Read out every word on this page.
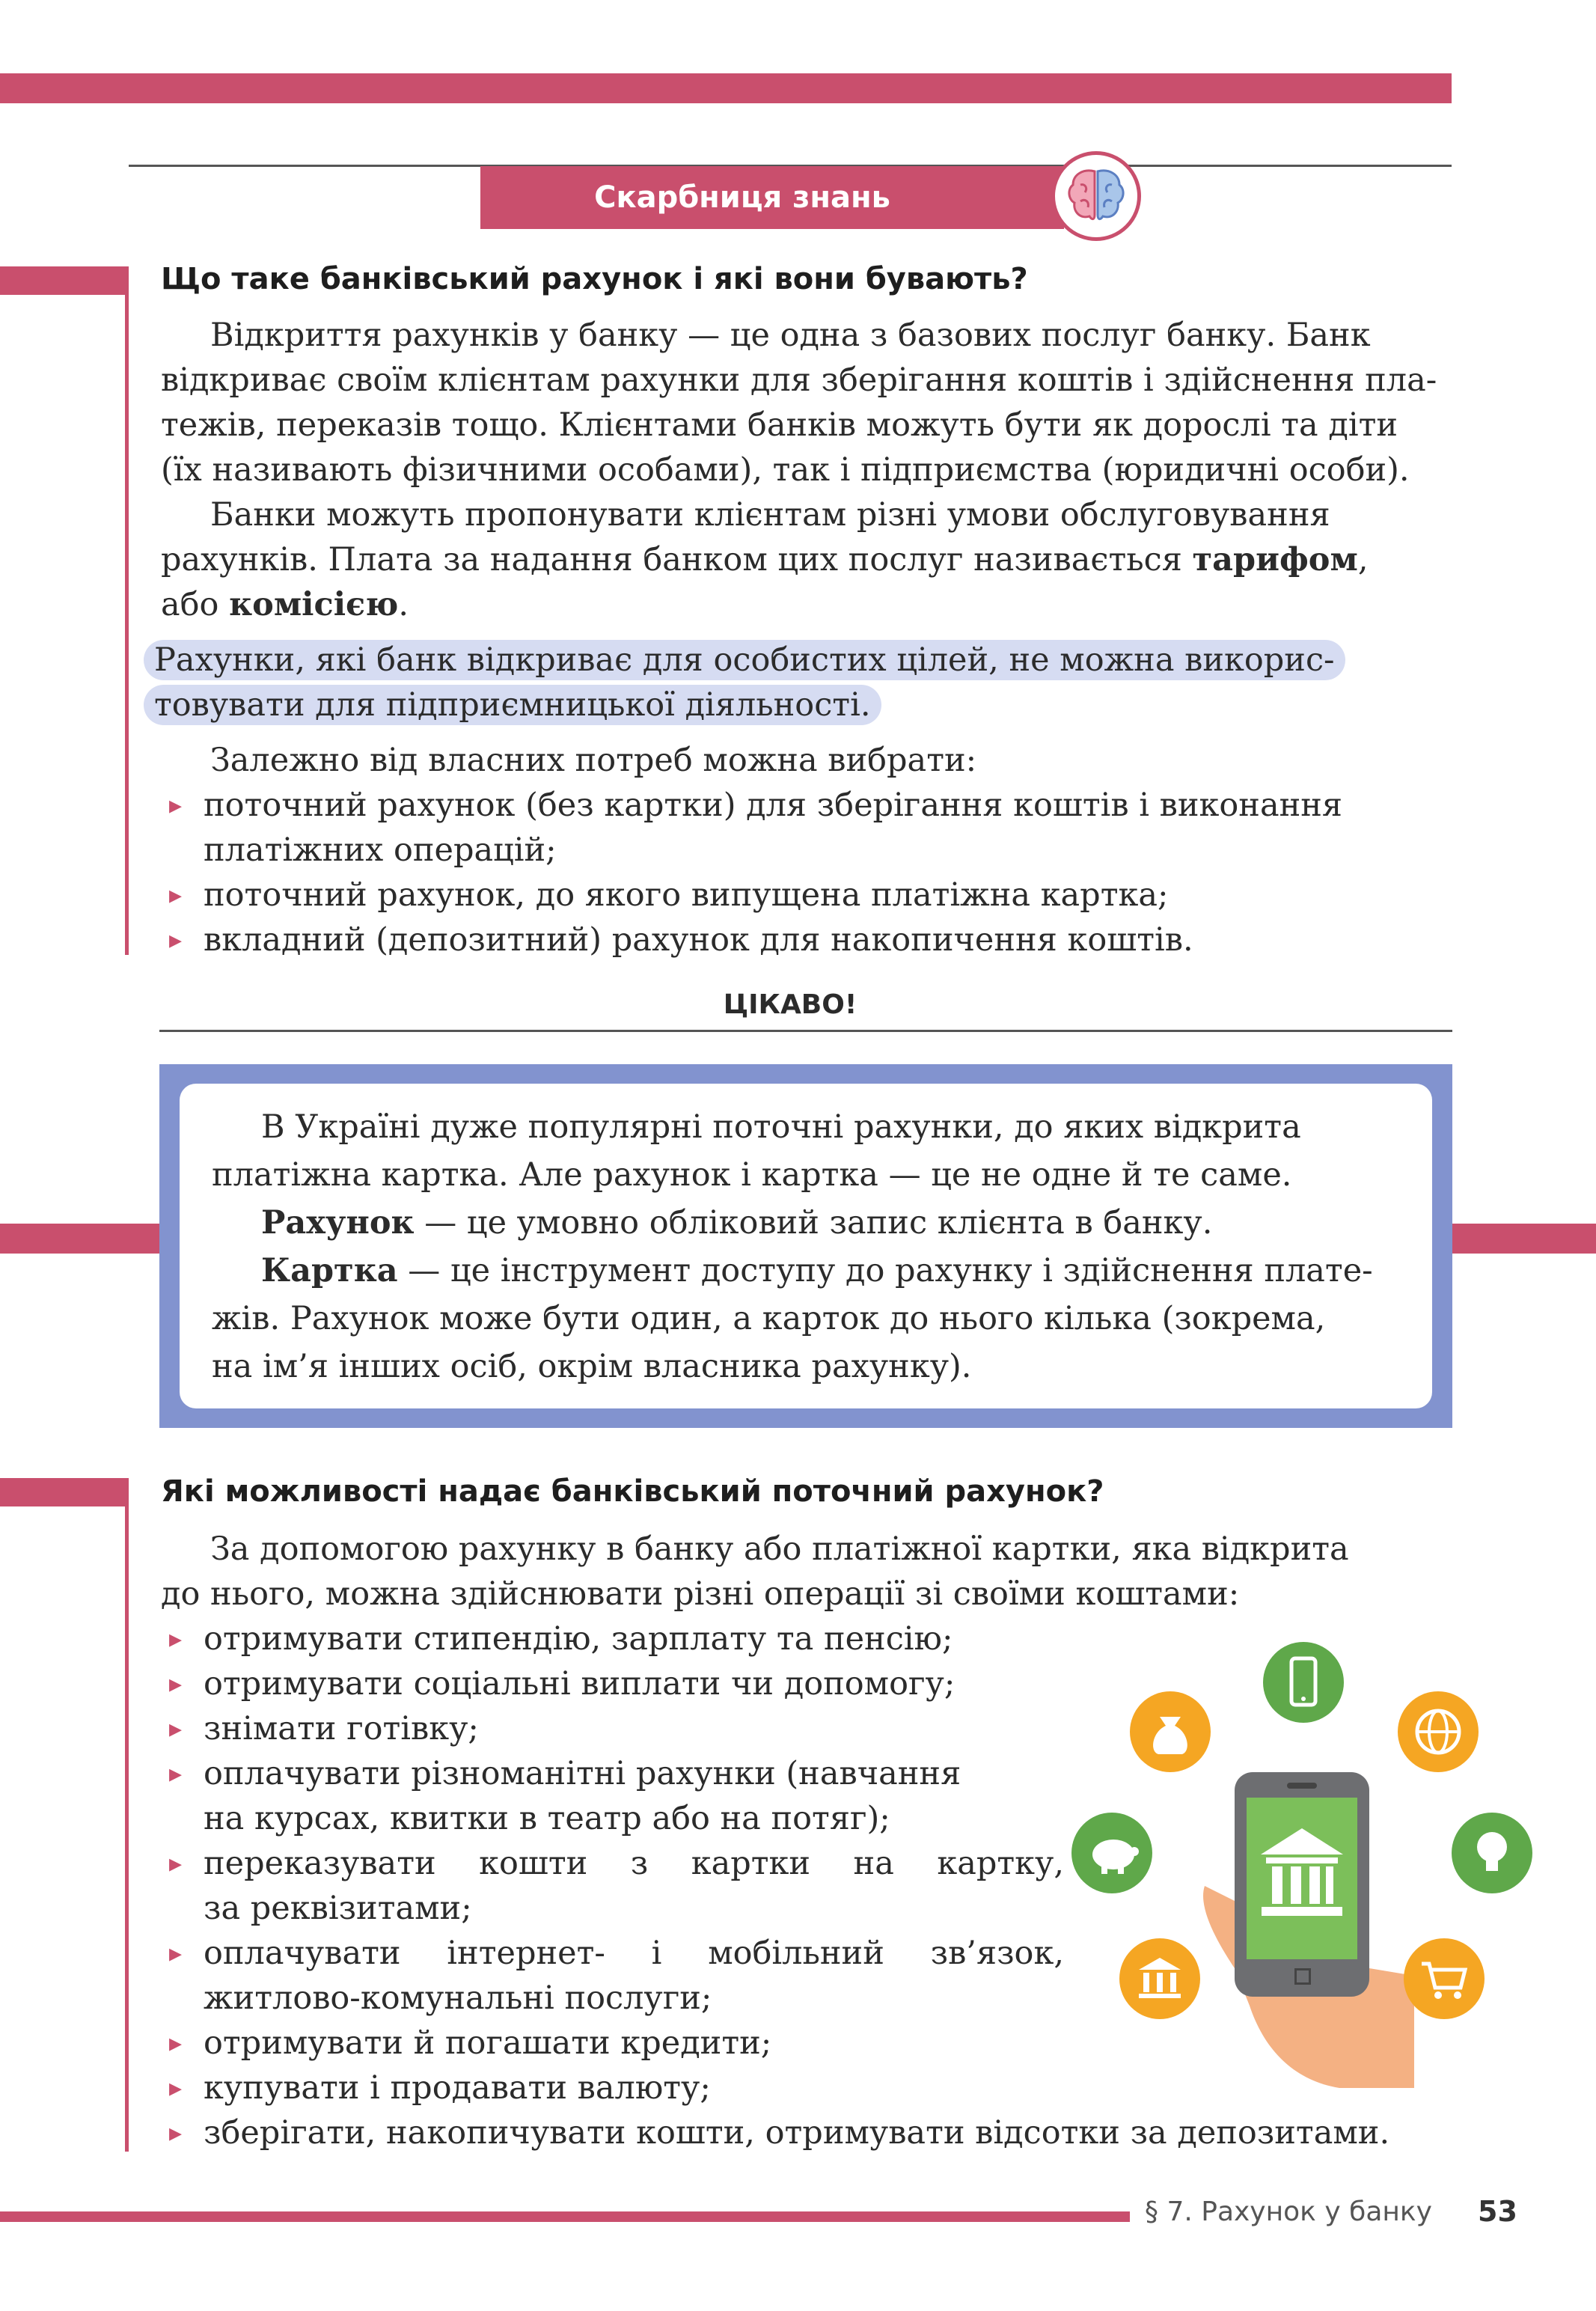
Скарбниця знань
Що таке банківський рахунок і які вони бувають?
Відкриття рахунків у банку — це одна з базових послуг банку. Банк
відкриває своїм клієнтам рахунки для зберігання коштів і здійснення пла-
тежів, переказів тощо. Клієнтами банків можуть бути як дорослі та діти
(їх називають фізичними особами), так і підприємства (юридичні особи).
Банки можуть пропонувати клієнтам різні умови обслуговування
рахунків. Плата за надання банком цих послуг називається тарифом,
або комісією.
Рахунки, які банк відкриває для особистих цілей, не можна викорис-
товувати для підприємницької діяльності.
Залежно від власних потреб можна вибрати:
▸ поточний рахунок (без картки) для зберігання коштів і виконання
платіжних операцій;
▸ поточний рахунок, до якого випущена платіжна картка;
▸ вкладний (депозитний) рахунок для накопичення коштів.
ЦІКАВО!
В Україні дуже популярні поточні рахунки, до яких відкрита
платіжна картка. Але рахунок і картка — це не одне й те саме.
Рахунок — це умовно обліковий запис клієнта в банку.
Картка — це інструмент доступу до рахунку і здійснення плате-
жів. Рахунок може бути один, а карток до нього кілька (зокрема,
на ім’я інших осіб, окрім власника рахунку).
Які можливості надає банківський поточний рахунок?
За допомогою рахунку в банку або платіжної картки, яка відкрита
до нього, можна здійснювати різні операції зі своїми коштами:
▸ отримувати стипендію, зарплату та пенсію;
▸ отримувати соціальні виплати чи допомогу;
▸ знімати готівку;
▸ оплачувати різноманітні рахунки (навчання
на курсах, квитки в театр або на потяг);
▸ переказувати кошти з картки на картку,
за реквізитами;
▸ оплачувати інтернет- і мобільний зв’язок,
житлово-комунальні послуги;
▸ отримувати й погашати кредити;
▸ купувати і продавати валюту;
▸ зберігати, накопичувати кошти, отримувати відсотки за депозитами.
§ 7. Рахунок у банку 53
